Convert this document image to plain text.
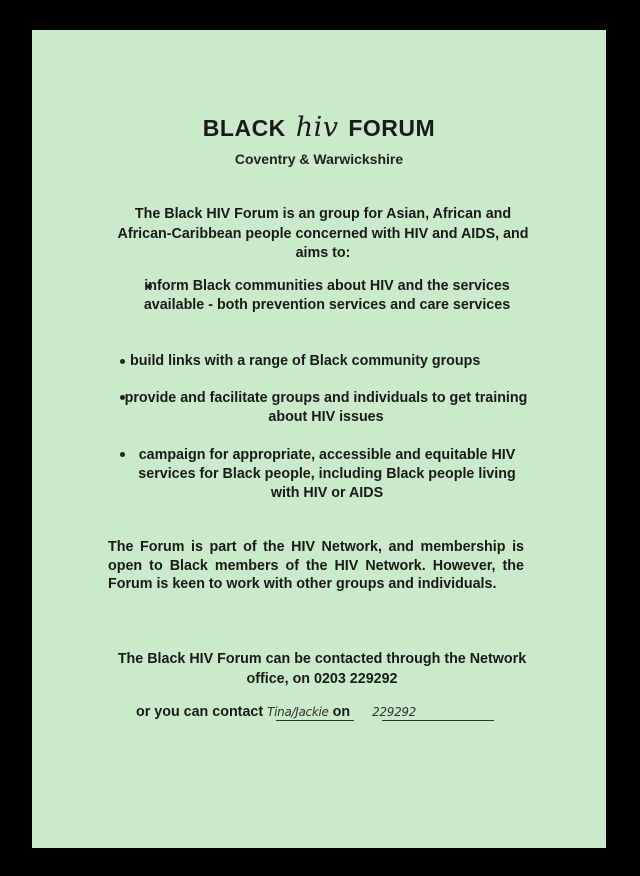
BLACK hiv FORUM
Coventry & Warwickshire
The Black HIV Forum is an group for Asian, African and African-Caribbean people concerned with HIV and AIDS, and aims to:
inform Black communities about HIV and the services available - both prevention services and care services
build links with a range of Black community groups
provide and facilitate groups and individuals to get training about HIV issues
campaign for appropriate, accessible and equitable HIV services for Black people, including Black people living with HIV or AIDS
The Forum is part of the HIV Network, and membership is open to Black members of the HIV Network. However, the Forum is keen to work with other groups and individuals.
The Black HIV Forum can be contacted through the Network office, on 0203 229292
or you can contact Tina/Jackie on 229292
